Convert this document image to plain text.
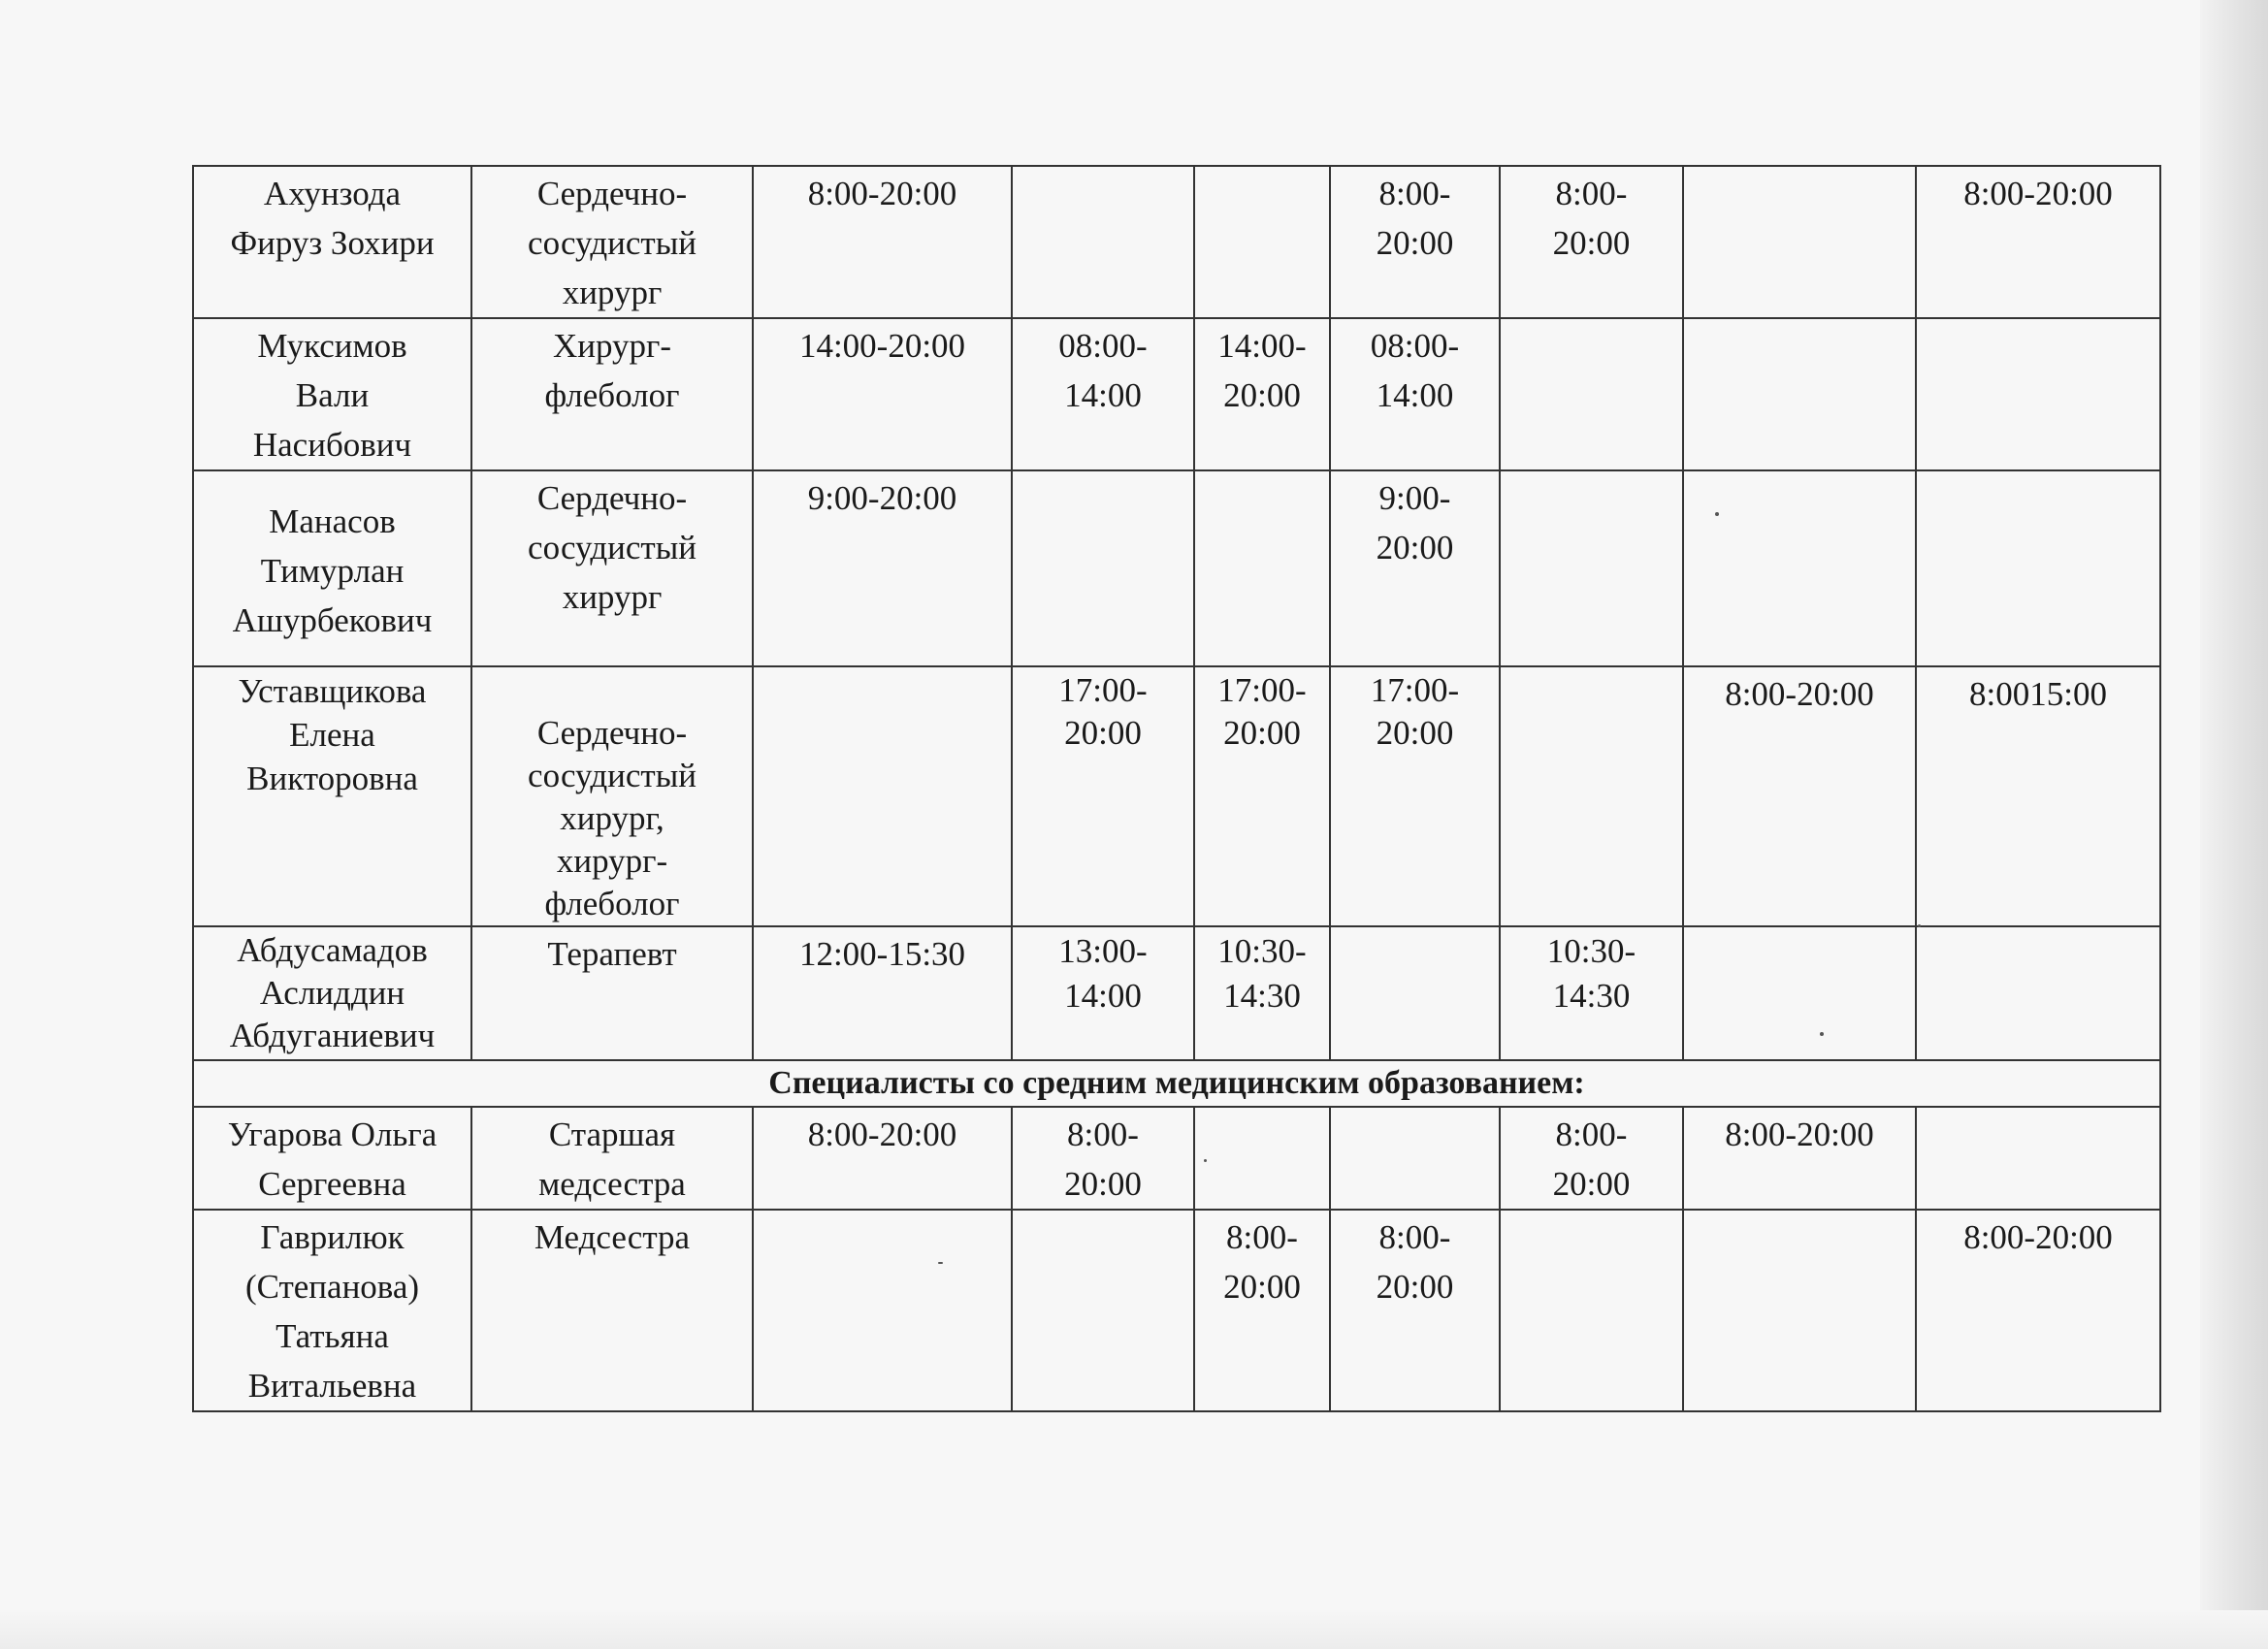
Ахунзода
Фируз Зохири	Сердечно-
сосудистый
хирург	8:00-20:00			8:00-
20:00	8:00-
20:00		8:00-20:00

Муксимов
Вали
Насибович	Хирург-
флеболог	14:00-20:00	08:00-
14:00	14:00-
20:00	08:00-
14:00			

Манасов
Тимурлан
Ашурбекович	Сердечно-
сосудистый
хирург	9:00-20:00			9:00-
20:00			

Уставщикова
Елена
Викторовна	Сердечно-
сосудистый
хирург,
хирург-
флеболог		17:00-
20:00	17:00-
20:00	17:00-
20:00		8:00-20:00	8:0015:00

Абдусамадов
Аслиддин
Абдуганиевич	Терапевт	12:00-15:30	13:00-
14:00	10:30-
14:30		10:30-
14:30		

Специалисты со средним медицинским образованием:								

Угарова Ольга
Сергеевна	Старшая
медсестра	8:00-20:00	8:00-
20:00			8:00-
20:00	8:00-20:00	

Гаврилюк
(Степанова)
Татьяна
Витальевна	Медсестра			8:00-
20:00	8:00-
20:00			8:00-20:00
